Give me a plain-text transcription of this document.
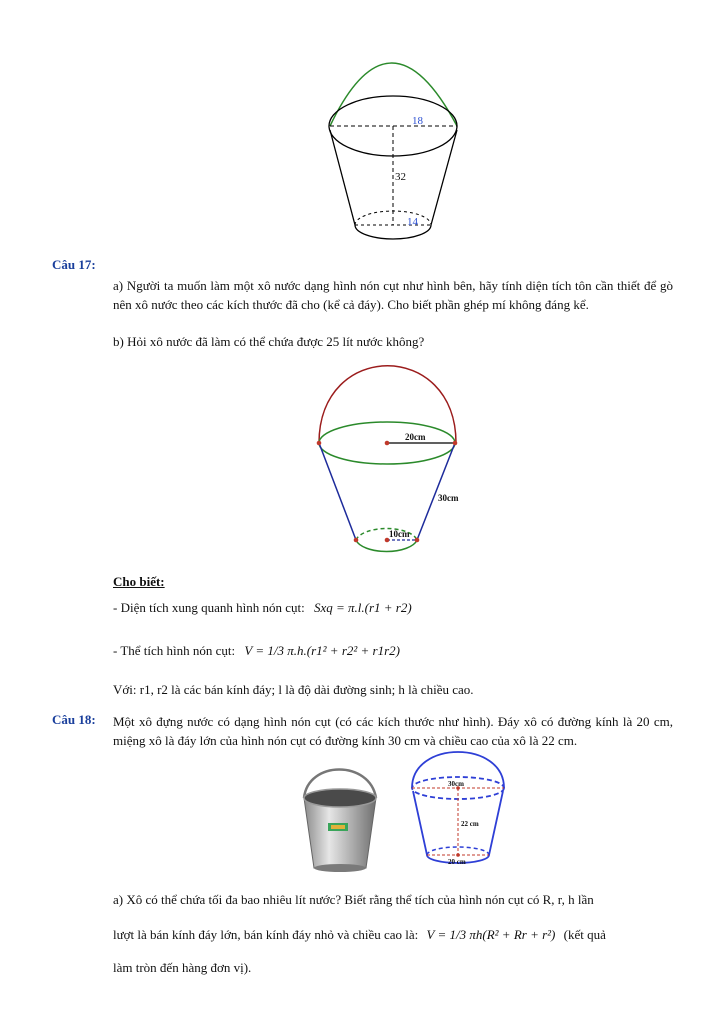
18
32
14
Câu 17:
a) Người ta muốn làm một xô nước dạng hình nón cụt như hình bên, hãy tính diện tích tôn cần thiết để gò nên xô nước theo các kích thước đã cho (kể cả đáy). Cho biết phần ghép mí không đáng kể.
b) Hỏi xô nước đã làm có thể chứa được 25 lít nước không?
20cm
30cm
10cm
Cho biết:
- Diện tích xung quanh hình nón cụt: Sxq = π.l.(r1 + r2)
- Thể tích hình nón cụt: V = 1/3 π.h.(r1² + r2² + r1r2)
Với: r1, r2 là các bán kính đáy; l là độ dài đường sinh; h là chiều cao.
Câu 18: Một xô đựng nước có dạng hình nón cụt (có các kích thước như hình). Đáy xô có đường kính là 20 cm, miệng xô là đáy lớn của hình nón cụt có đường kính 30 cm và chiều cao của xô là 22 cm.
30cm
22 cm
20 cm
a) Xô có thể chứa tối đa bao nhiêu lít nước? Biết rằng thể tích của hình nón cụt có R, r, h lần
lượt là bán kính đáy lớn, bán kính đáy nhỏ và chiều cao là: V = 1/3 πh(R² + Rr + r²) (kết quả
làm tròn đến hàng đơn vị).
